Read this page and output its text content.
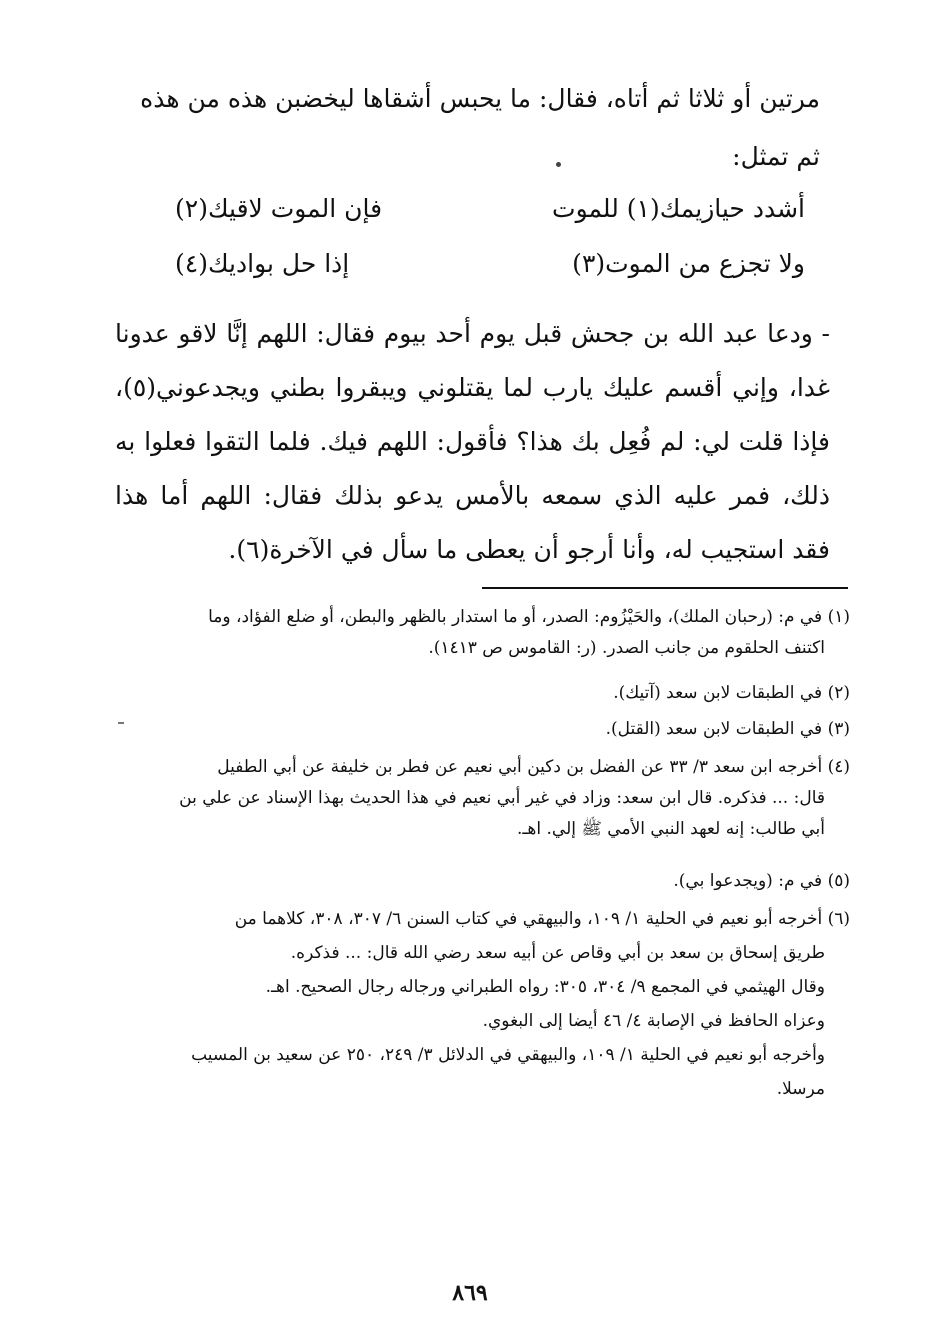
مرتين أو ثلاثا ثم أتاه، فقال: ما يحبس أشقاها ليخضبن هذه من هذه
ثم تمثل:
أشدد حيازيمك(١) للموت
فإن الموت لاقيك(٢)
ولا تجزع من الموت(٣)
إذا حل بواديك(٤)
- ودعا عبد الله بن جحش قبل يوم أحد بيوم فقال: اللهم إنَّا لاقو عدونا غدا، وإني أقسم عليك يارب لما يقتلوني ويبقروا بطني ويجدعوني(٥)، فإذا قلت لي: لم فُعِل بك هذا؟ فأقول: اللهم فيك. فلما التقوا فعلوا به ذلك، فمر عليه الذي سمعه بالأمس يدعو بذلك فقال: اللهم أما هذا فقد استجيب له، وأنا أرجو أن يعطى ما سأل في الآخرة(٦).
(١) في م: (رحبان الملك)، والحَيْزُوم: الصدر، أو ما استدار بالظهر والبطن، أو ضلع الفؤاد، وما
اكتنف الحلقوم من جانب الصدر. (ر: القاموس ص ١٤١٣).
(٢) في الطبقات لابن سعد (آتيك).
(٣) في الطبقات لابن سعد (القتل).
(٤) أخرجه ابن سعد ٣/ ٣٣ عن الفضل بن دكين أبي نعيم عن فطر بن خليفة عن أبي الطفيل
قال: ... فذكره. قال ابن سعد: وزاد في غير أبي نعيم في هذا الحديث بهذا الإسناد عن علي بن
أبي طالب: إنه لعهد النبي الأمي ﷺ إلي. اهـ.
(٥) في م: (ويجدعوا بي).
(٦) أخرجه أبو نعيم في الحلية ١/ ١٠٩، والبيهقي في كتاب السنن ٦/ ٣٠٧، ٣٠٨، كلاهما من
طريق إسحاق بن سعد بن أبي وقاص عن أبيه سعد رضي الله قال: ... فذكره.
وقال الهيثمي في المجمع ٩/ ٣٠٤، ٣٠٥: رواه الطبراني ورجاله رجال الصحيح. اهـ.
وعزاه الحافظ في الإصابة ٤/ ٤٦ أيضا إلى البغوي.
وأخرجه أبو نعيم في الحلية ١/ ١٠٩، والبيهقي في الدلائل ٣/ ٢٤٩، ٢٥٠ عن سعيد بن المسيب
مرسلا.
٨٦٩
